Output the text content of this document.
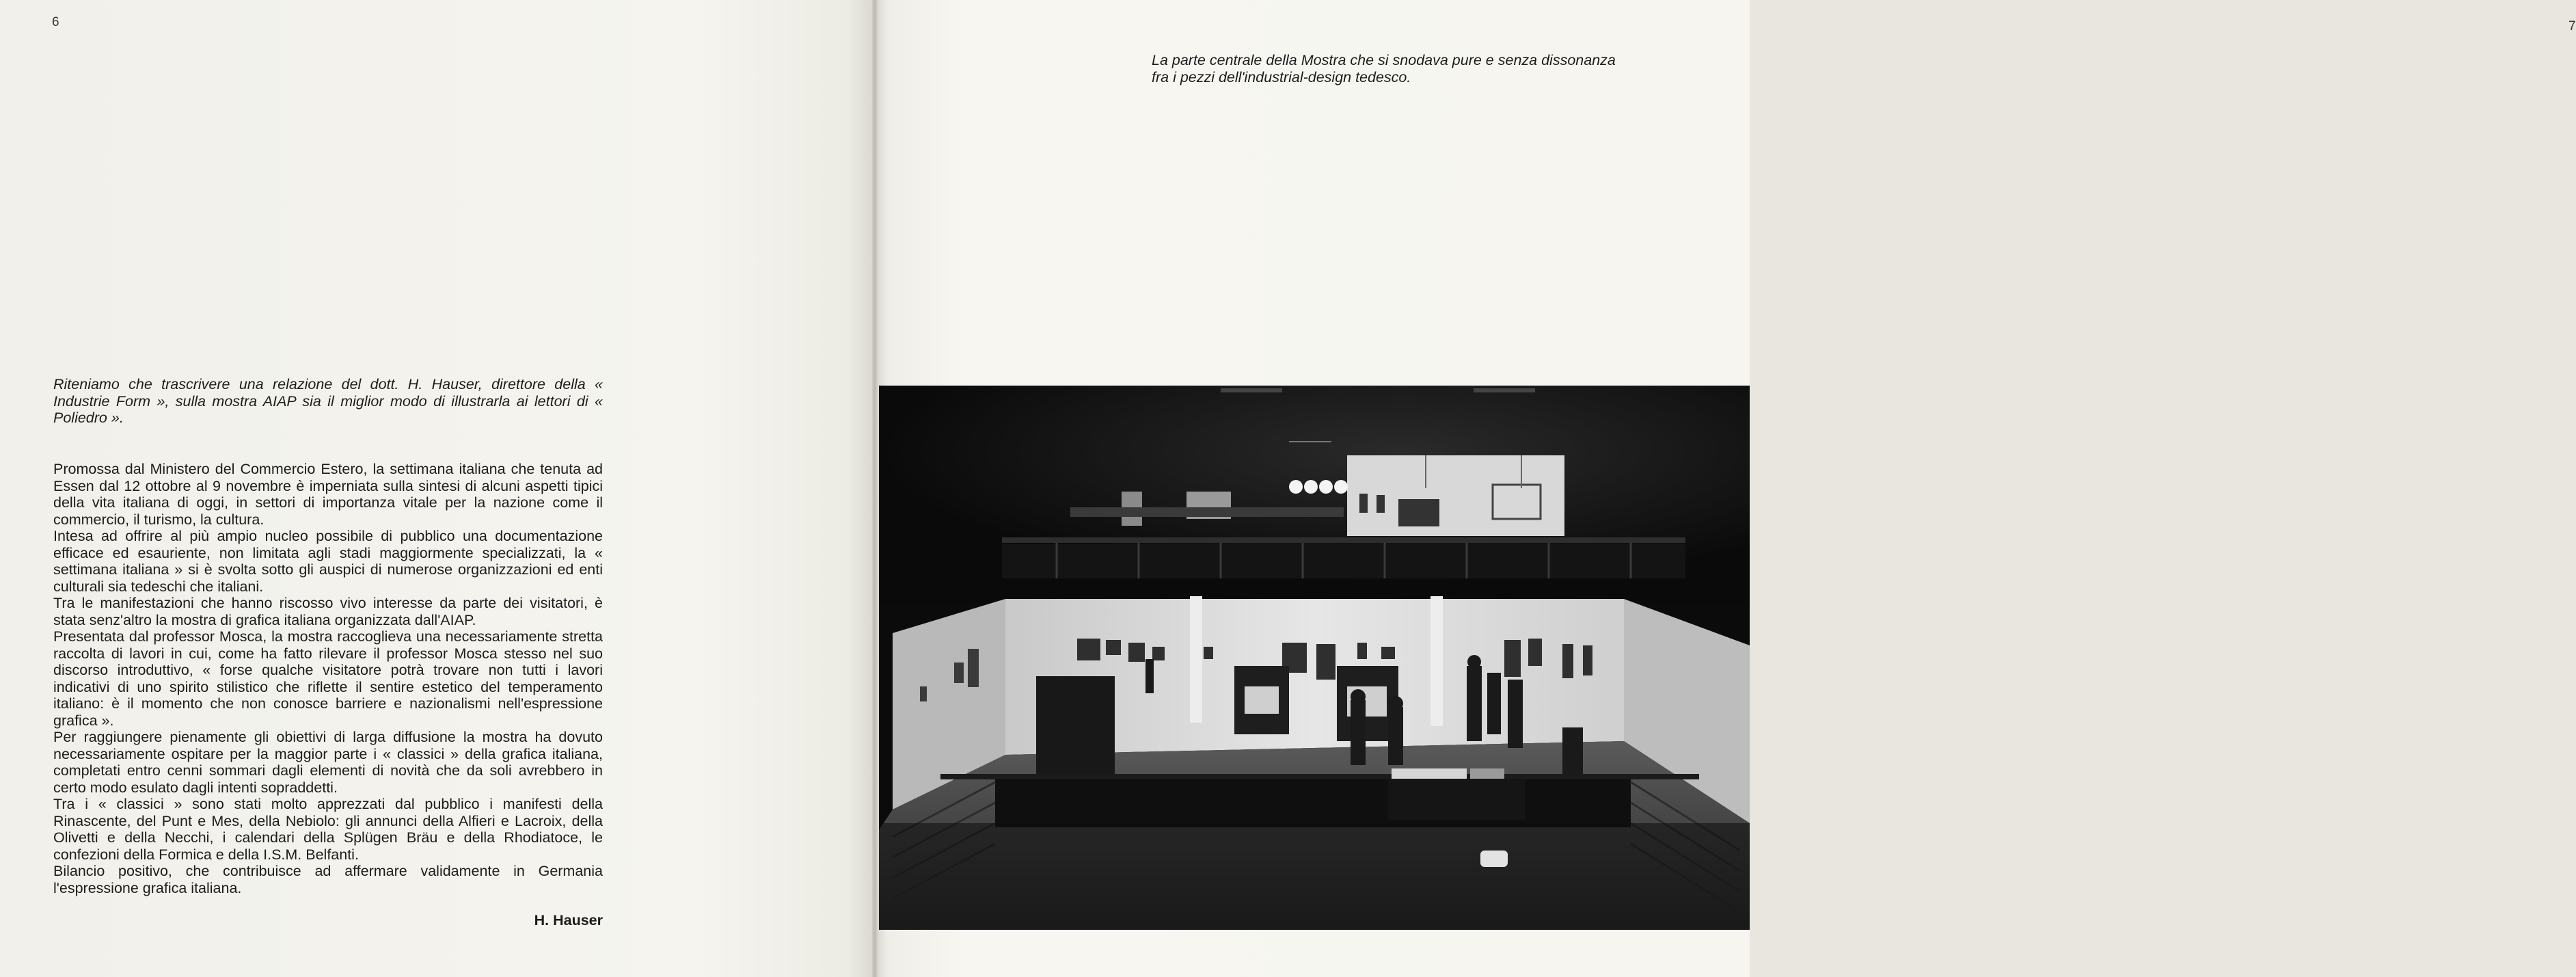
6

Riteniamo che trascrivere una relazione del dott. H. Hauser, direttore della « Industrie Form », sulla mostra AIAP sia il miglior modo di illustrarla ai lettori di « Poliedro ».

Promossa dal Ministero del Commercio Estero, la settimana italiana che tenuta ad Essen dal 12 ottobre al 9 novembre è imperniata sulla sintesi di alcuni aspetti tipici della vita italiana di oggi, in settori di importanza vitale per la nazione come il commercio, il turismo, la cultura.

Intesa ad offrire al più ampio nucleo possibile di pubblico una documentazione efficace ed esauriente, non limitata agli stadi maggiormente specializzati, la « settimana italiana » si è svolta sotto gli auspici di numerose organizzazioni ed enti culturali sia tedeschi che italiani.

Tra le manifestazioni che hanno riscosso vivo interesse da parte dei visitatori, è stata senz'altro la mostra di grafica italiana organizzata dall'AIAP.

Presentata dal professor Mosca, la mostra raccoglieva una necessariamente stretta raccolta di lavori in cui, come ha fatto rilevare il professor Mosca stesso nel suo discorso introduttivo, « forse qualche visitatore potrà trovare non tutti i lavori indicativi di uno spirito stilistico che riflette il sentire estetico del temperamento italiano: è il momento che non conosce barriere e nazionalismi nell'espressione grafica ».

Per raggiungere pienamente gli obiettivi di larga diffusione la mostra ha dovuto necessariamente ospitare per la maggior parte i « classici » della grafica italiana, completati entro cenni sommari dagli elementi di novità che da soli avrebbero in certo modo esulato dagli intenti sopraddetti.

Tra i « classici » sono stati molto apprezzati dal pubblico i manifesti della Rinascente, del Punt e Mes, della Nebiolo: gli annunci della Alfieri e Lacroix, della Olivetti e della Necchi, i calendari della Splügen Bräu e della Rhodiatoce, le confezioni della Formica e della I.S.M. Belfanti.

Bilancio positivo, che contribuisce ad affermare validamente in Germania l'espressione grafica italiana.

H. Hauser
7

La parte centrale della Mostra che si snodava pure e senza dissonanza fra i pezzi dell'industrial-design tedesco.
